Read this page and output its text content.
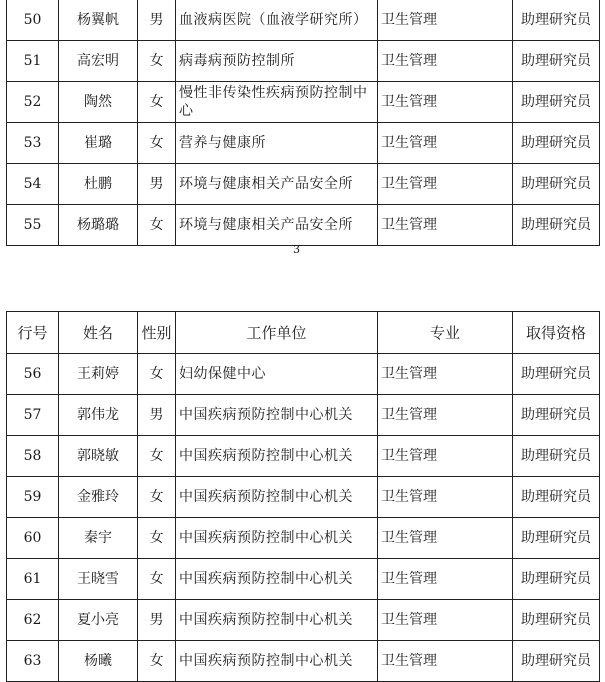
50	杨翼帆	男	血液病医院（血液学研究所）	卫生管理	助理研究员
51	高宏明	女	病毒病预防控制所	卫生管理	助理研究员
52	陶然	女	慢性非传染性疾病预防控制中心	卫生管理	助理研究员
53	崔璐	女	营养与健康所	卫生管理	助理研究员
54	杜鹏	男	环境与健康相关产品安全所	卫生管理	助理研究员
55	杨璐璐	女	环境与健康相关产品安全所	卫生管理	助理研究员
3
行号	姓名	性别	工作单位	专业	取得资格
56	王莉婷	女	妇幼保健中心	卫生管理	助理研究员
57	郭伟龙	男	中国疾病预防控制中心机关	卫生管理	助理研究员
58	郭晓敏	女	中国疾病预防控制中心机关	卫生管理	助理研究员
59	金雅玲	女	中国疾病预防控制中心机关	卫生管理	助理研究员
60	秦宇	女	中国疾病预防控制中心机关	卫生管理	助理研究员
61	王晓雪	女	中国疾病预防控制中心机关	卫生管理	助理研究员
62	夏小亮	男	中国疾病预防控制中心机关	卫生管理	助理研究员
63	杨曦	女	中国疾病预防控制中心机关	卫生管理	助理研究员
